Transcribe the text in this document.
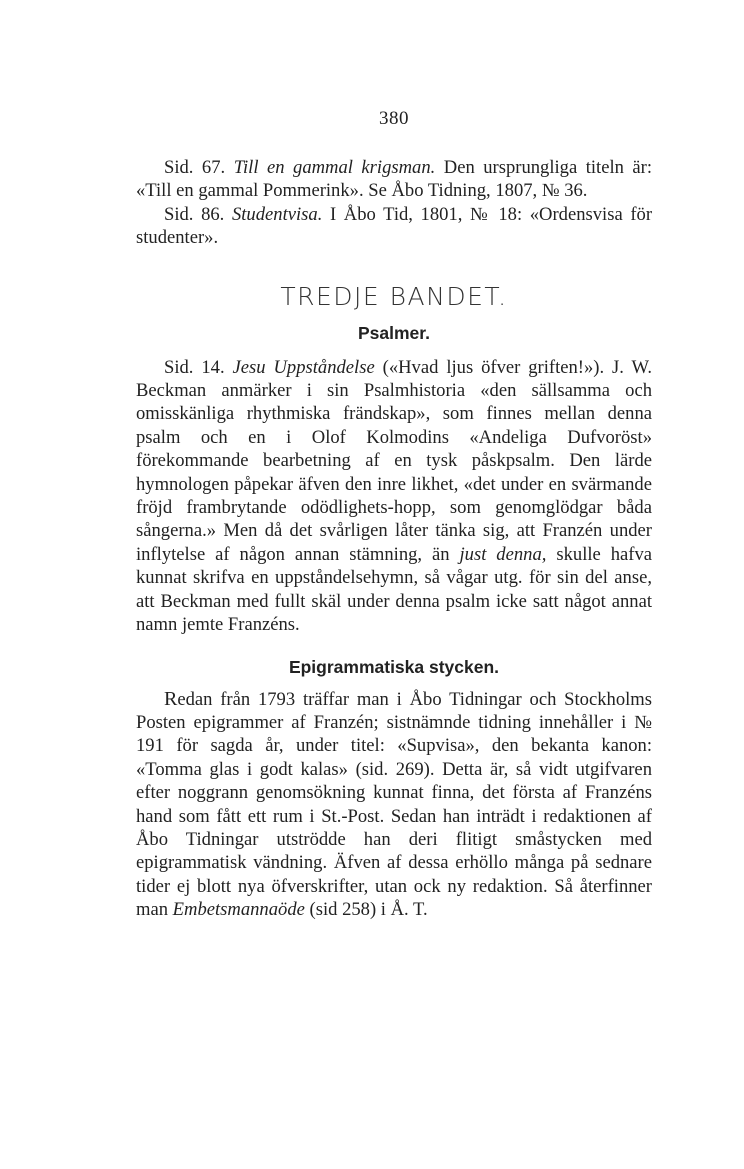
380

Sid. 67. Till en gammal krigsman. Den ursprungliga titeln är: «Till en gammal Pommerink». Se Åbo Tidning, 1807, № 36.

Sid. 86. Studentvisa. I Åbo Tid, 1801, № 18: «Ordensvisa för studenter».

TREDJE BANDET.
Psalmer.

Sid. 14. Jesu Uppståndelse («Hvad ljus öfver griften!»). J. W. Beckman anmärker i sin Psalmhistoria «den sällsamma och omisskänliga rhythmiska frändskap», som finnes mellan denna psalm och en i Olof Kolmodins «Andeliga Dufvoröst» förekommande bearbetning af en tysk påskpsalm. Den lärde hymnologen påpekar äfven den inre likhet, «det under en svärmande fröjd frambrytande odödlighets-hopp, som genomglödgar båda sångerna.» Men då det svårligen låter tänka sig, att Franzén under inflytelse af någon annan stämning, än just denna, skulle hafva kunnat skrifva en uppståndelsehymn, så vågar utg. för sin del anse, att Beckman med fullt skäl under denna psalm icke satt något annat namn jemte Franzéns.

Epigrammatiska stycken.

Redan från 1793 träffar man i Åbo Tidningar och Stockholms Posten epigrammer af Franzén; sistnämnde tidning innehåller i № 191 för sagda år, under titel: «Supvisa», den bekanta kanon: «Tomma glas i godt kalas» (sid. 269). Detta är, så vidt utgifvaren efter noggrann genomsökning kunnat finna, det första af Franzéns hand som fått ett rum i St.-Post. Sedan han inträdt i redaktionen af Åbo Tidningar utströdde han deri flitigt småstycken med epigrammatisk vändning. Äfven af dessa erhöllo många på sednare tider ej blott nya öfverskrifter, utan ock ny redaktion. Så återfinner man Embetsmannaöde (sid 258) i Å. T.
